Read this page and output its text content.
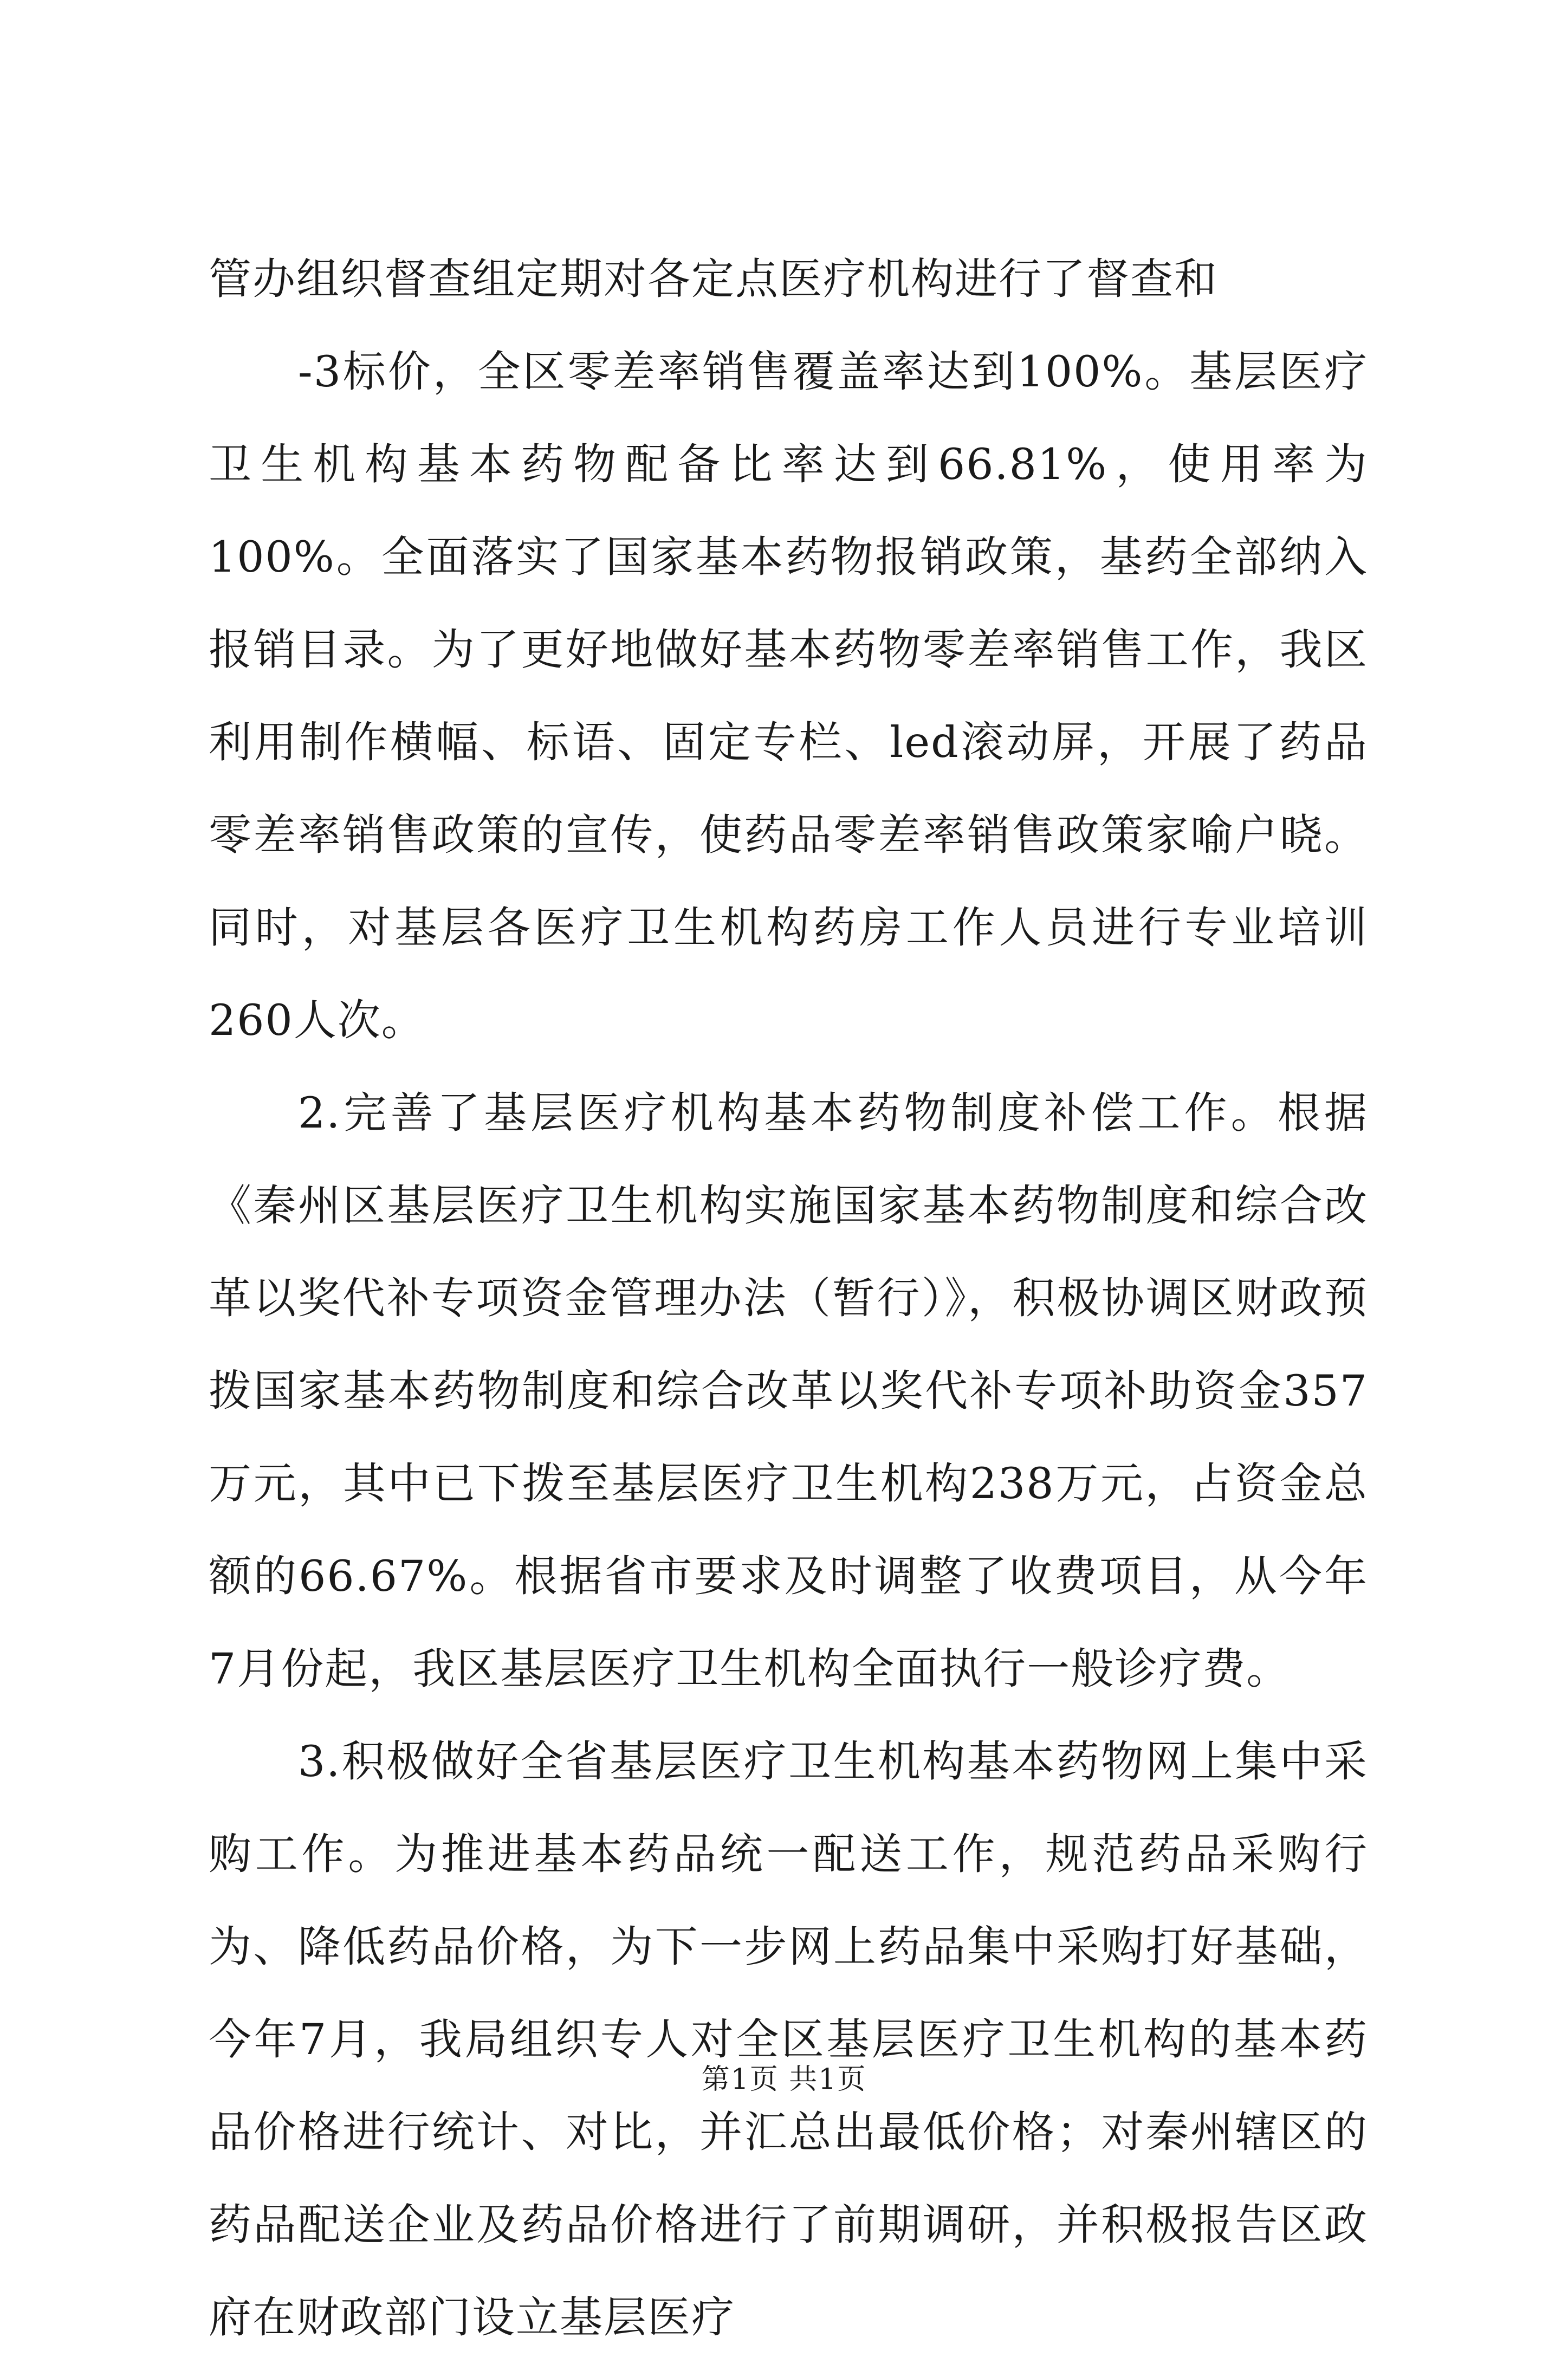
管办组织督查组定期对各定点医疗机构进行了督查和

-3标价，全区零差率销售覆盖率达到100%。基层医疗卫生机构基本药物配备比率达到66.81%，使用率为100%。全面落实了国家基本药物报销政策，基药全部纳入报销目录。为了更好地做好基本药物零差率销售工作，我区利用制作横幅、标语、固定专栏、led滚动屏，开展了药品零差率销售政策的宣传，使药品零差率销售政策家喻户晓。同时，对基层各医疗卫生机构药房工作人员进行专业培训260人次。

2.完善了基层医疗机构基本药物制度补偿工作。根据《秦州区基层医疗卫生机构实施国家基本药物制度和综合改革以奖代补专项资金管理办法（暂行）》，积极协调区财政预拨国家基本药物制度和综合改革以奖代补专项补助资金357万元，其中已下拨至基层医疗卫生机构238万元，占资金总额的66.67%。根据省市要求及时调整了收费项目，从今年7月份起，我区基层医疗卫生机构全面执行一般诊疗费。

3.积极做好全省基层医疗卫生机构基本药物网上集中采购工作。为推进基本药品统一配送工作，规范药品采购行为、降低药品价格，为下一步网上药品集中采购打好基础，今年7月，我局组织专人对全区基层医疗卫生机构的基本药品价格进行统计、对比，并汇总出最低价格；对秦州辖区的药品配送企业及药品价格进行了前期调研，并积极报告区政府在财政部门设立基层医疗

第1页 共1页
